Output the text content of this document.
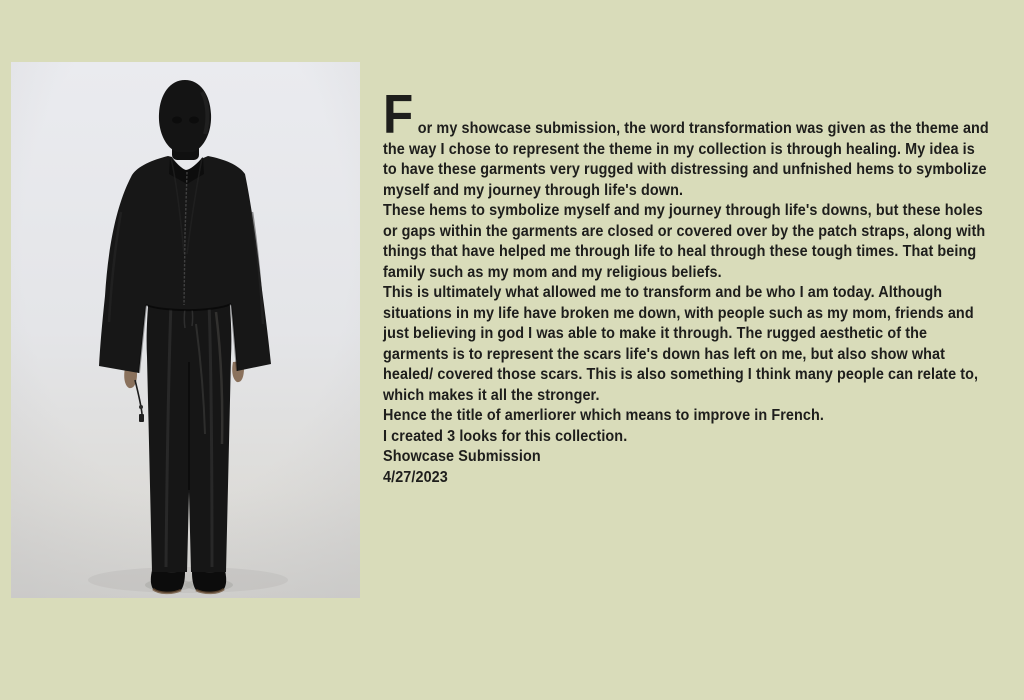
For my showcase submission, the word transformation was given as the theme and the way I chose to represent the theme in my collection is through healing. My idea is to have these garments very rugged with distressing and unfnished hems to symbolize myself and my journey through life's down.

These hems to symbolize myself and my journey through life's downs, but these holes or gaps within the garments are closed or covered over by the patch straps, along with things that have helped me through life to heal through these tough times. That being family such as my mom and my religious beliefs.

This is ultimately what allowed me to transform and be who I am today. Although situations in my life have broken me down, with people such as my mom, friends and just believing in god I was able to make it through. The rugged aesthetic of the garments is to represent the scars life's down has left on me, but also show what healed/ covered those scars. This is also something I think many people can relate to, which makes it all the stronger.

Hence the title of amerliorer which means to improve in French.

I created 3 looks for this collection.

Showcase Submission
4/27/2023
